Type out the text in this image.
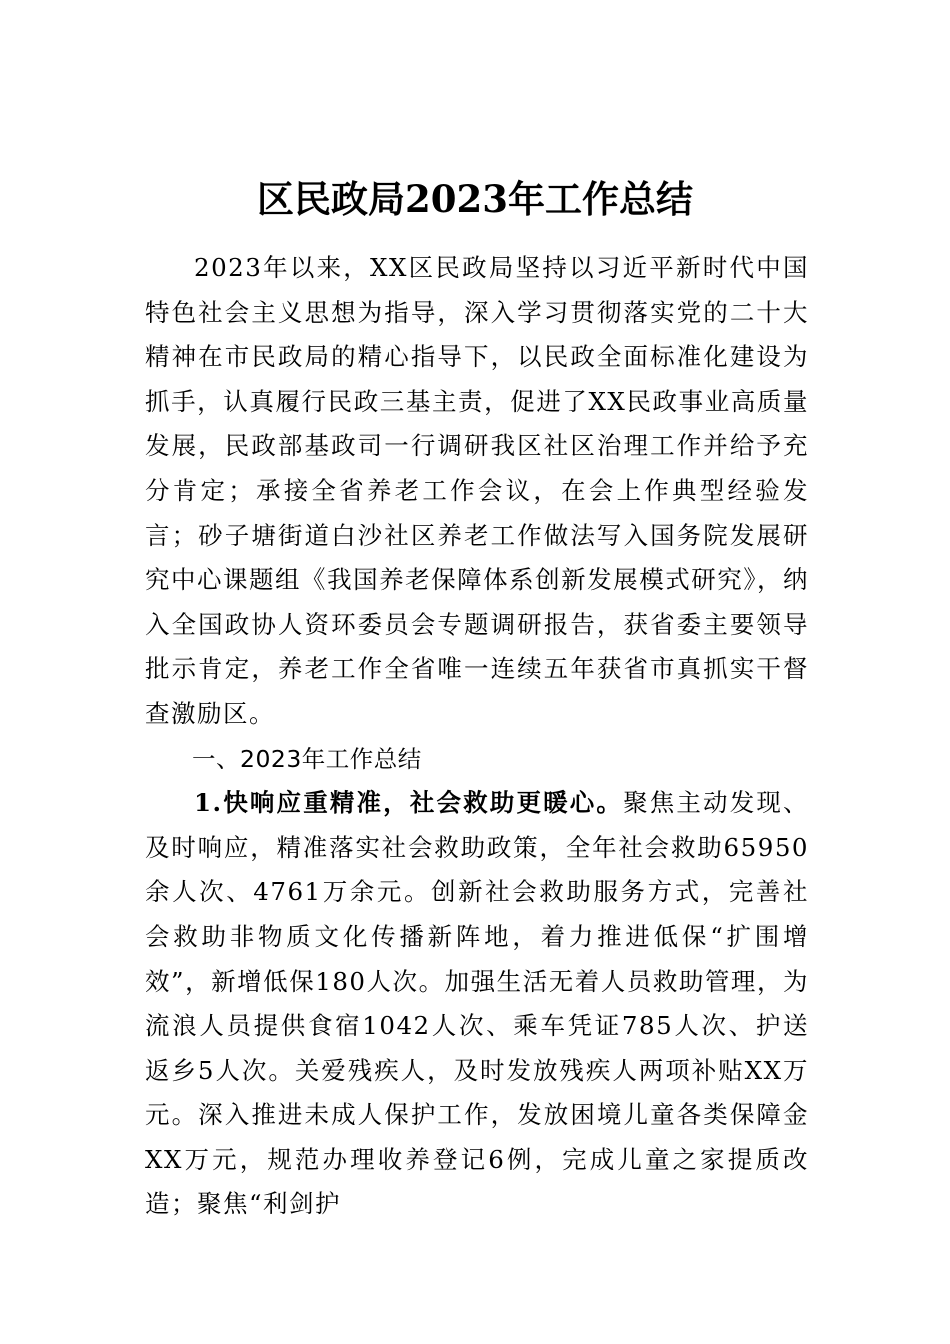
区民政局2023年工作总结

2023年以来，XX区民政局坚持以习近平新时代中国特色社会主义思想为指导，深入学习贯彻落实党的二十大精神在市民政局的精心指导下，以民政全面标准化建设为抓手，认真履行民政三基主责，促进了XX民政事业高质量发展，民政部基政司一行调研我区社区治理工作并给予充分肯定；承接全省养老工作会议，在会上作典型经验发言；砂子塘街道白沙社区养老工作做法写入国务院发展研究中心课题组《我国养老保障体系创新发展模式研究》，纳入全国政协人资环委员会专题调研报告，获省委主要领导批示肯定，养老工作全省唯一连续五年获省市真抓实干督查激励区。

一、2023年工作总结

1.快响应重精准，社会救助更暖心。聚焦主动发现、及时响应，精准落实社会救助政策，全年社会救助65950余人次、4761万余元。创新社会救助服务方式，完善社会救助非物质文化传播新阵地，着力推进低保“扩围增效”，新增低保180人次。加强生活无着人员救助管理，为流浪人员提供食宿1042人次、乘车凭证785人次、护送返乡5人次。关爱残疾人，及时发放残疾人两项补贴XX万元。深入推进未成人保护工作，发放困境儿童各类保障金XX万元，规范办理收养登记6例，完成儿童之家提质改造；聚焦“利剑护
